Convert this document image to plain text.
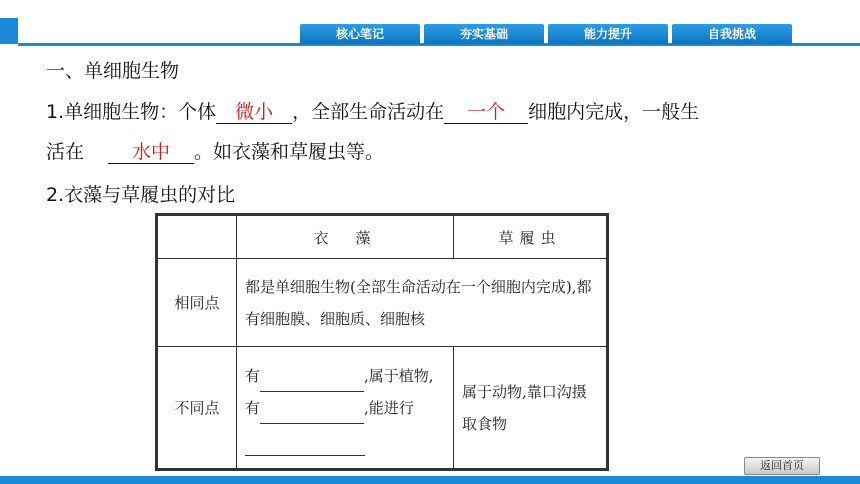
核心笔记	夯实基础	能力提升	自我挑战
一、单细胞生物
1.单细胞生物：个体 微小 ，全部生命活动在 一个 细胞内完成，一般生
活在	水中 。如衣藻和草履虫等。
2.衣藻与草履虫的对比
	衣　藻	草履虫
相同点	都是单细胞生物(全部生命活动在一个细胞内完成),都有细胞膜、细胞质、细胞核	
不同点	有 ,属于植物,有 ,能进行	属于动物,靠口沟摄取食物
返回首页
